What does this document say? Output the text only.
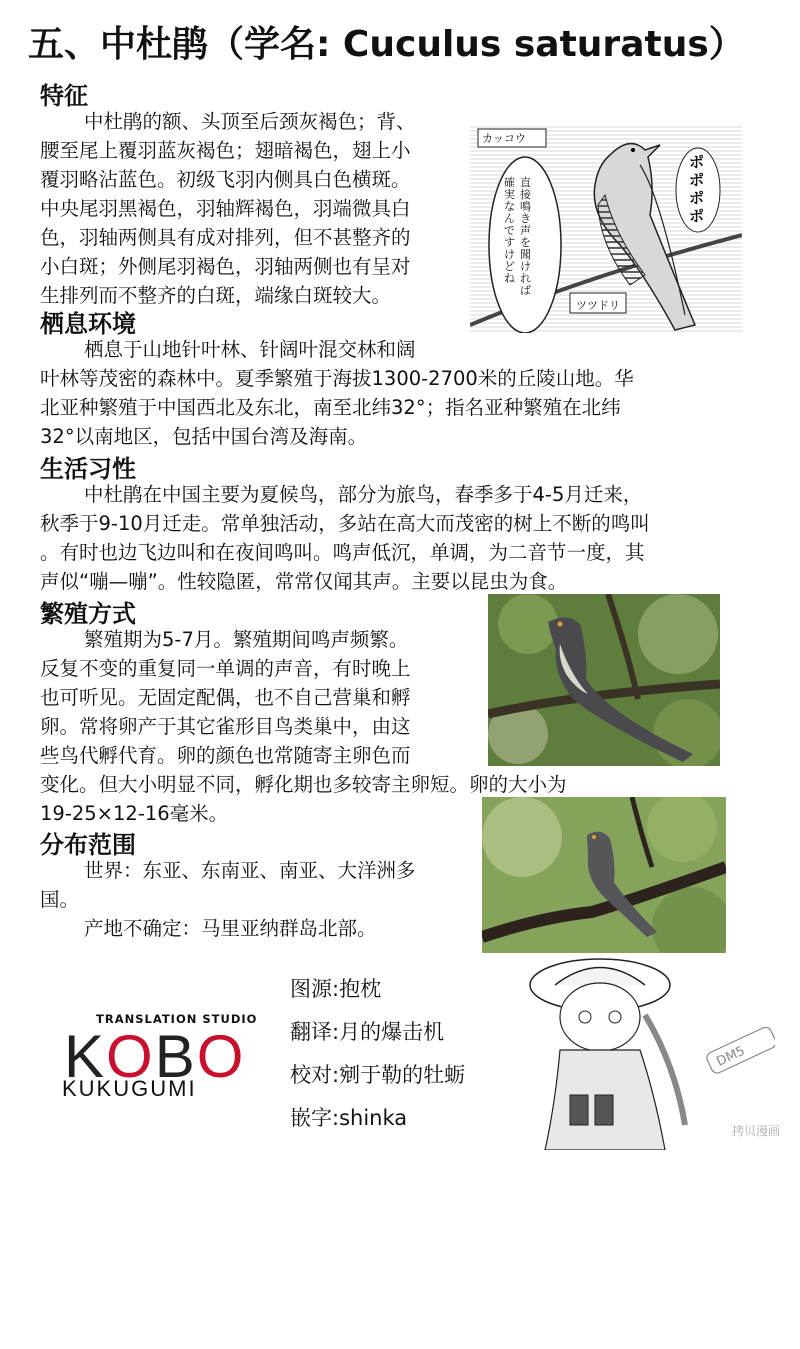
五、中杜鹃（学名: Cuculus saturatus）
特征
中杜鹃的额、头顶至后颈灰褐色；背、
腰至尾上覆羽蓝灰褐色；翅暗褐色，翅上小
覆羽略沾蓝色。初级飞羽内侧具白色横斑。
中央尾羽黑褐色，羽轴辉褐色，羽端微具白
色，羽轴两侧具有成对排列，但不甚整齐的
小白斑；外侧尾羽褐色，羽轴两侧也有呈对
生排列而不整齐的白斑，端缘白斑较大。
カッコウ
ツツドリ
ポポポポ
直接鳴き声を聞ければ
確実なんですけどね
栖息环境
栖息于山地针叶林、针阔叶混交林和阔
叶林等茂密的森林中。夏季繁殖于海拔1300-2700米的丘陵山地。华
北亚种繁殖于中国西北及东北，南至北纬32°；指名亚种繁殖在北纬
32°以南地区，包括中国台湾及海南。
生活习性
中杜鹃在中国主要为夏候鸟，部分为旅鸟，春季多于4-5月迁来，
秋季于9-10月迁走。常单独活动，多站在高大而茂密的树上不断的鸣叫
。有时也边飞边叫和在夜间鸣叫。鸣声低沉，单调，为二音节一度，其
声似“嘣—嘣”。性较隐匿，常常仅闻其声。主要以昆虫为食。
繁殖方式
繁殖期为5-7月。繁殖期间鸣声频繁。
反复不变的重复同一单调的声音，有时晚上
也可听见。无固定配偶，也不自己营巢和孵
卵。常将卵产于其它雀形目鸟类巢中，由这
些鸟代孵代育。卵的颜色也常随寄主卵色而
变化。但大小明显不同，孵化期也多较寄主卵短。卵的大小为
19-25×12-16毫米。
分布范围
世界：东亚、东南亚、南亚、大洋洲多
国。
产地不确定：马里亚纳群岛北部。
TRANSLATION STUDIO
KOBO
KUKUGUMI
图源:抱枕
翻译:月的爆击机
校对:剜于勒的牡蛎
嵌字:shinka
DM5
拷贝漫画
